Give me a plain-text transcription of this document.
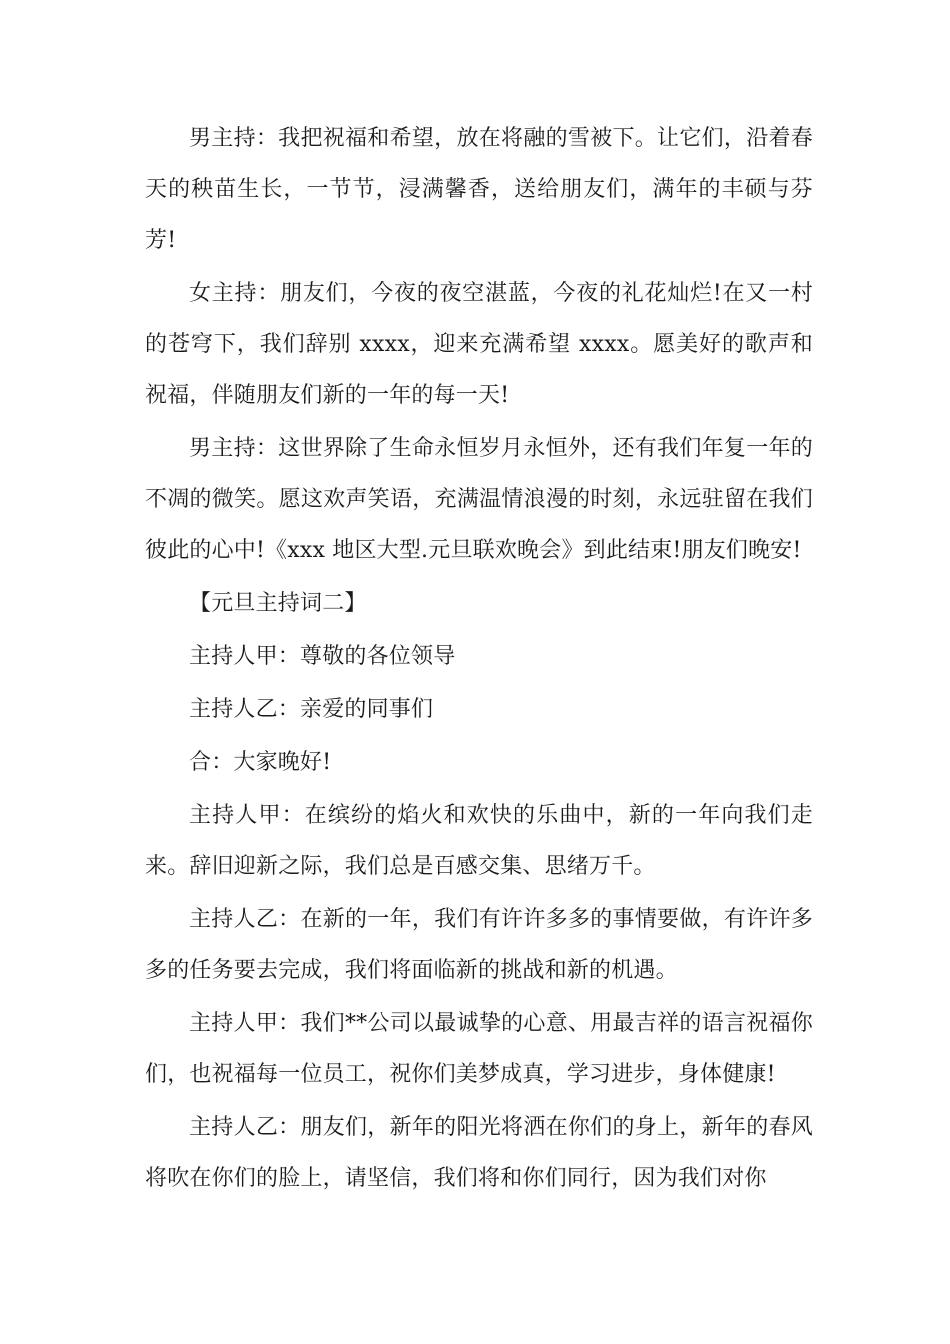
男主持：我把祝福和希望，放在将融的雪被下。让它们，沿着春天的秧苗生长，一节节，浸满馨香，送给朋友们，满年的丰硕与芬芳!

女主持：朋友们，今夜的夜空湛蓝，今夜的礼花灿烂!在又一村的苍穹下，我们辞别 xxxx，迎来充满希望 xxxx。愿美好的歌声和祝福，伴随朋友们新的一年的每一天!

男主持：这世界除了生命永恒岁月永恒外，还有我们年复一年的不凋的微笑。愿这欢声笑语，充满温情浪漫的时刻，永远驻留在我们彼此的心中!《xxx 地区大型.元旦联欢晚会》到此结束!朋友们晚安!

【元旦主持词二】

主持人甲：尊敬的各位领导

主持人乙：亲爱的同事们

合：大家晚好!

主持人甲：在缤纷的焰火和欢快的乐曲中，新的一年向我们走来。辞旧迎新之际，我们总是百感交集、思绪万千。

主持人乙：在新的一年，我们有许许多多的事情要做，有许许多多的任务要去完成，我们将面临新的挑战和新的机遇。

主持人甲：我们**公司以最诚挚的心意、用最吉祥的语言祝福你们，也祝福每一位员工，祝你们美梦成真，学习进步，身体健康!

主持人乙：朋友们，新年的阳光将洒在你们的身上，新年的春风将吹在你们的脸上，请坚信，我们将和你们同行，因为我们对你
